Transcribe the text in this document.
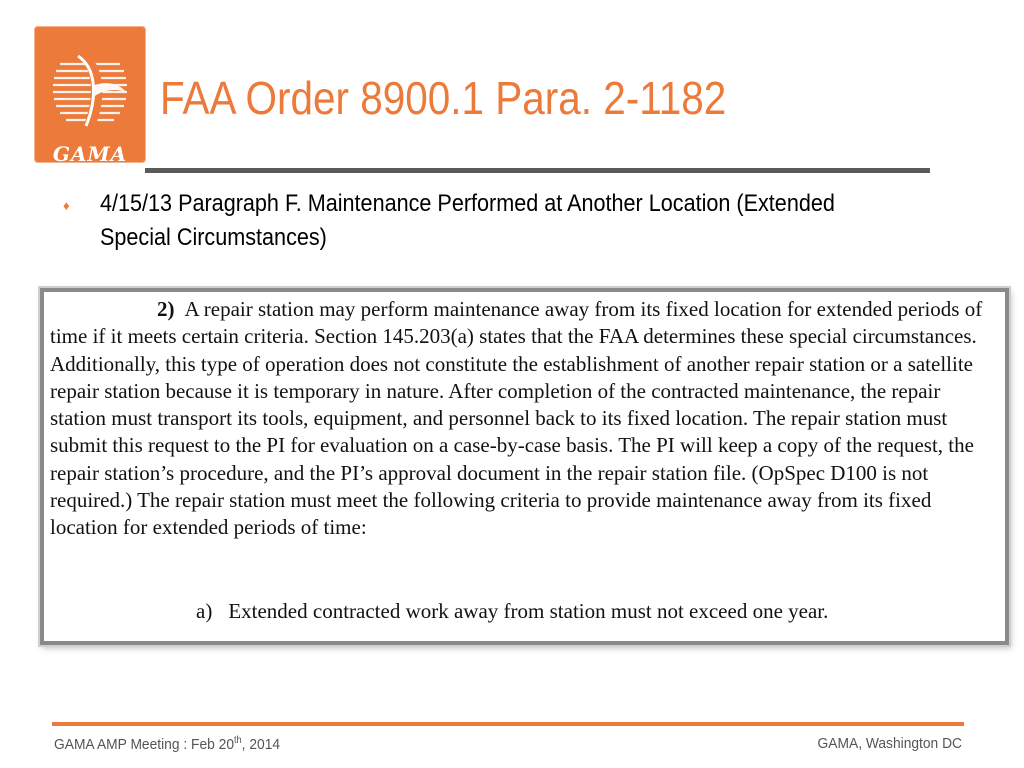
GAMA
FAA Order 8900.1 Para. 2-1182
♦ 4/15/13 Paragraph F. Maintenance Performed at Another Location (Extended Special Circumstances)

2) A repair station may perform maintenance away from its fixed location for extended periods of time if it meets certain criteria. Section 145.203(a) states that the FAA determines these special circumstances. Additionally, this type of operation does not constitute the establishment of another repair station or a satellite repair station because it is temporary in nature. After completion of the contracted maintenance, the repair station must transport its tools, equipment, and personnel back to its fixed location. The repair station must submit this request to the PI for evaluation on a case-by-case basis. The PI will keep a copy of the request, the repair station’s procedure, and the PI’s approval document in the repair station file. (OpSpec D100 is not required.) The repair station must meet the following criteria to provide maintenance away from its fixed location for extended periods of time:

a) Extended contracted work away from station must not exceed one year.
GAMA AMP Meeting : Feb 20th, 2014	GAMA, Washington DC
